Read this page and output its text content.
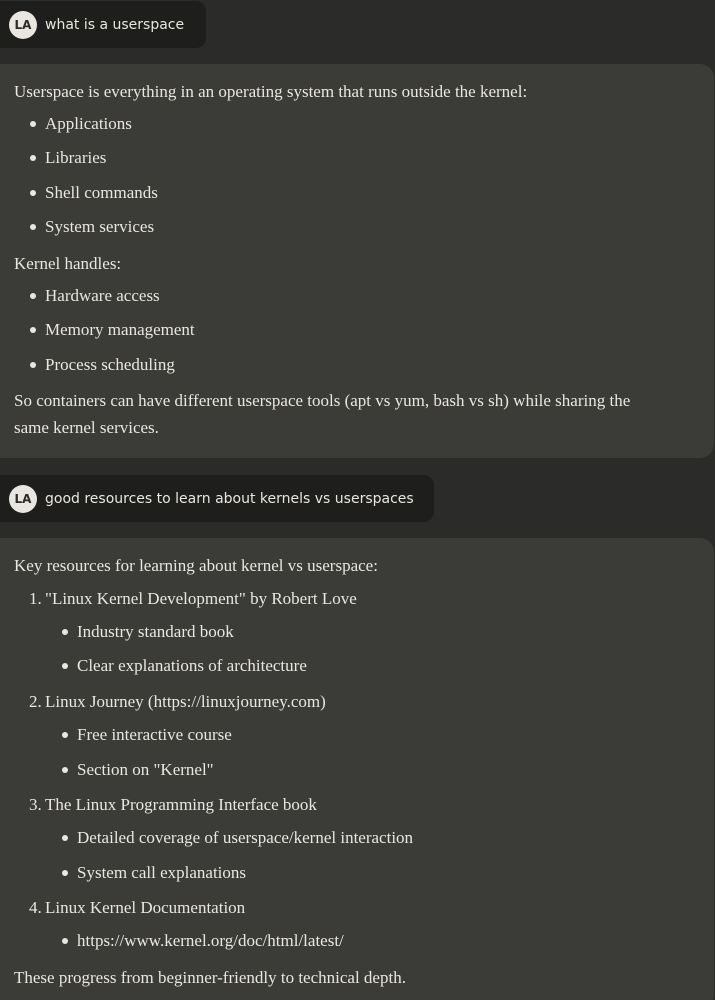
LA what is a userspace
Userspace is everything in an operating system that runs outside the kernel:
Applications
Libraries
Shell commands
System services
Kernel handles:
Hardware access
Memory management
Process scheduling
So containers can have different userspace tools (apt vs yum, bash vs sh) while sharing the
same kernel services.
LA good resources to learn about kernels vs userspaces
Key resources for learning about kernel vs userspace:
1. "Linux Kernel Development" by Robert Love
Industry standard book
Clear explanations of architecture
2. Linux Journey (https://linuxjourney.com)
Free interactive course
Section on "Kernel"
3. The Linux Programming Interface book
Detailed coverage of userspace/kernel interaction
System call explanations
4. Linux Kernel Documentation
https://www.kernel.org/doc/html/latest/
These progress from beginner-friendly to technical depth.
